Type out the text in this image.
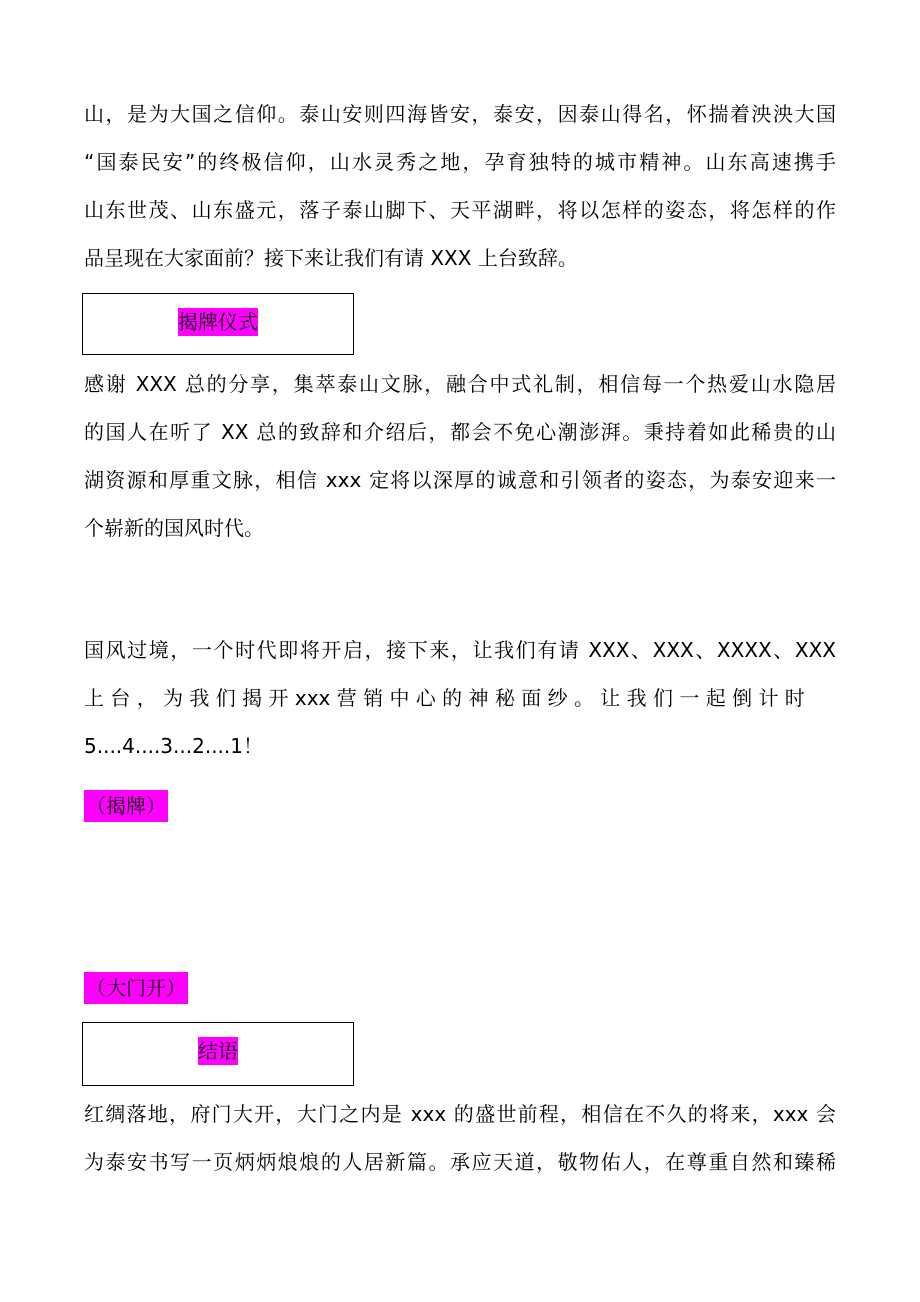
山，是为大国之信仰。泰山安则四海皆安，泰安，因泰山得名，怀揣着泱泱大国
“国泰民安”的终极信仰，山水灵秀之地，孕育独特的城市精神。山东高速携手
山东世茂、山东盛元，落子泰山脚下、天平湖畔，将以怎样的姿态，将怎样的作
品呈现在大家面前？接下来让我们有请 XXX 上台致辞。
揭牌仪式
感谢 XXX 总的分享，集萃泰山文脉，融合中式礼制，相信每一个热爱山水隐居
的国人在听了 XX 总的致辞和介绍后，都会不免心潮澎湃。秉持着如此稀贵的山
湖资源和厚重文脉，相信 xxx 定将以深厚的诚意和引领者的姿态，为泰安迎来一
个崭新的国风时代。
国风过境，一个时代即将开启，接下来，让我们有请 XXX、XXX、XXXX、XXX
上 台 ， 为 我 们 揭 开 xxx 营 销 中 心 的 神 秘 面 纱 。 让 我 们 一 起 倒 计 时
5....4....3...2....1！
（揭牌）
（大门开）
结语
红绸落地，府门大开，大门之内是 xxx 的盛世前程，相信在不久的将来，xxx 会
为泰安书写一页炳炳烺烺的人居新篇。承应天道，敬物佑人，在尊重自然和臻稀
